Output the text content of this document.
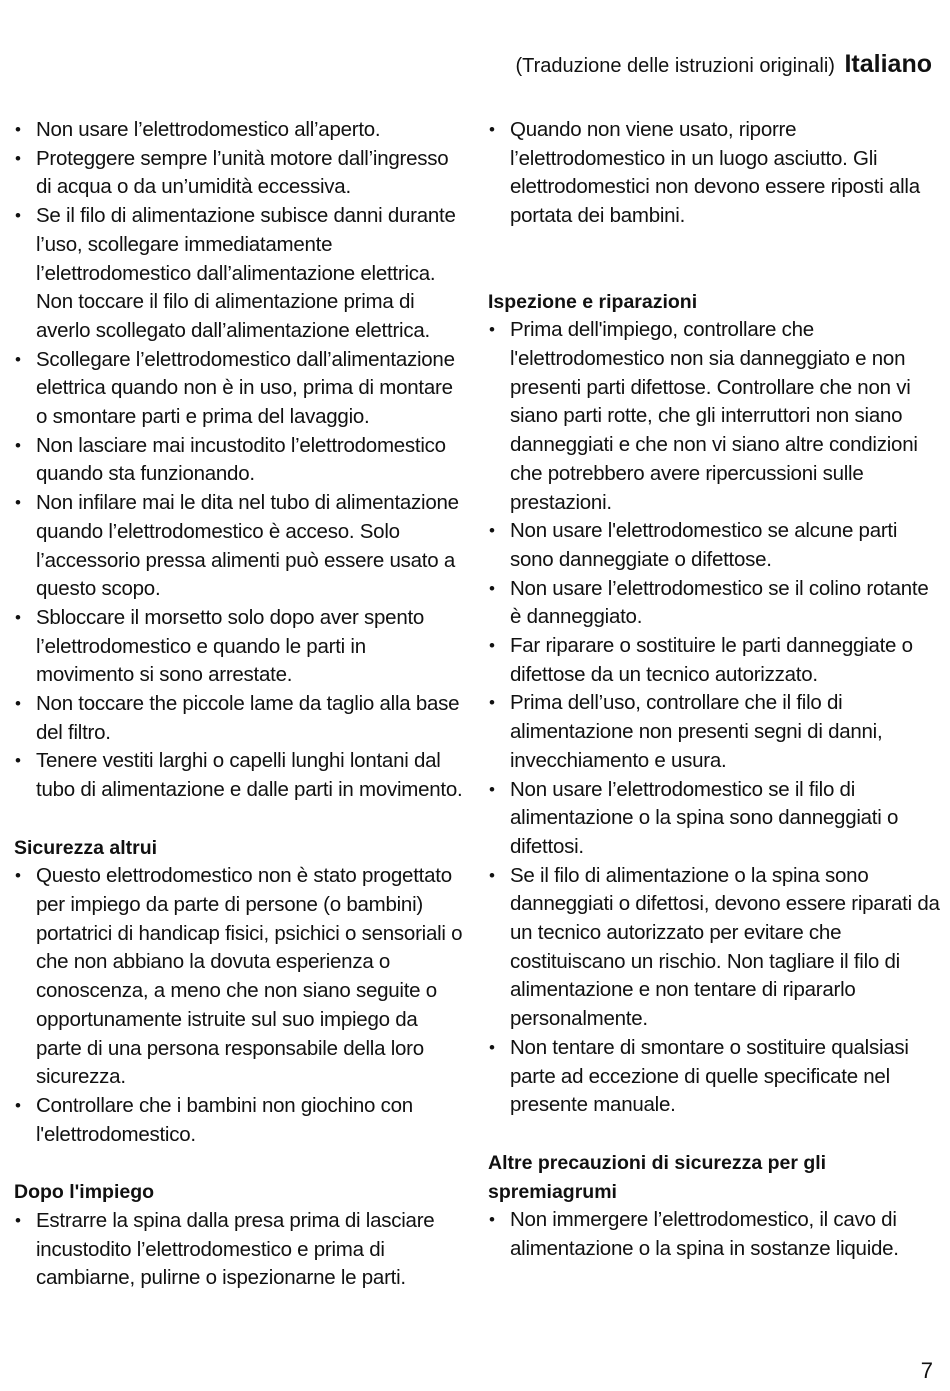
(Traduzione delle istruzioni originali) Italiano
• Non usare l’elettrodomestico all’aperto.
• Proteggere sempre l’unità motore dall’ingresso di acqua o da un’umidità eccessiva.
• Se il filo di alimentazione subisce danni durante l’uso, scollegare immediatamente l’elettrodomestico dall’alimentazione elettrica. Non toccare il filo di alimentazione prima di averlo scollegato dall’alimentazione elettrica.
• Scollegare l’elettrodomestico dall’alimentazione elettrica quando non è in uso, prima di montare o smontare parti e prima del lavaggio.
• Non lasciare mai incustodito l’elettrodomestico quando sta funzionando.
• Non infilare mai le dita nel tubo di alimentazione quando l’elettrodomestico è acceso. Solo l’accessorio pressa alimenti può essere usato a questo scopo.
• Sbloccare il morsetto solo dopo aver spento l’elettrodomestico e quando le parti in movimento si sono arrestate.
• Non toccare the piccole lame da taglio alla base del filtro.
• Tenere vestiti larghi o capelli lunghi lontani dal tubo di alimentazione e dalle parti in movimento.
Sicurezza altrui
• Questo elettrodomestico non è stato progettato per impiego da parte di persone (o bambini) portatrici di handicap fisici, psichici o sensoriali o che non abbiano la dovuta esperienza o conoscenza, a meno che non siano seguite o opportunamente istruite sul suo impiego da parte di una persona responsabile della loro sicurezza.
• Controllare che i bambini non giochino con l'elettrodomestico.
Dopo l'impiego
• Estrarre la spina dalla presa prima di lasciare incustodito l’elettrodomestico e prima di cambiarne, pulirne o ispezionarne le parti.
• Quando non viene usato, riporre l’elettrodomestico in un luogo asciutto. Gli elettrodomestici non devono essere riposti alla portata dei bambini.
Ispezione e riparazioni
• Prima dell'impiego, controllare che l'elettrodomestico non sia danneggiato e non presenti parti difettose. Controllare che non vi siano parti rotte, che gli interruttori non siano danneggiati e che non vi siano altre condizioni che potrebbero avere ripercussioni sulle prestazioni.
• Non usare l'elettrodomestico se alcune parti sono danneggiate o difettose.
• Non usare l’elettrodomestico se il colino rotante è danneggiato.
• Far riparare o sostituire le parti danneggiate o difettose da un tecnico autorizzato.
• Prima dell’uso, controllare che il filo di alimentazione non presenti segni di danni, invecchiamento e usura.
• Non usare l’elettrodomestico se il filo di alimentazione o la spina sono danneggiati o difettosi.
• Se il filo di alimentazione o la spina sono danneggiati o difettosi, devono essere riparati da un tecnico autorizzato per evitare che costituiscano un rischio. Non tagliare il filo di alimentazione e non tentare di ripararlo personalmente.
• Non tentare di smontare o sostituire qualsiasi parte ad eccezione di quelle specificate nel presente manuale.
Altre precauzioni di sicurezza per gli
spremiagrumi
• Non immergere l’elettrodomestico, il cavo di alimentazione o la spina in sostanze liquide.
7
